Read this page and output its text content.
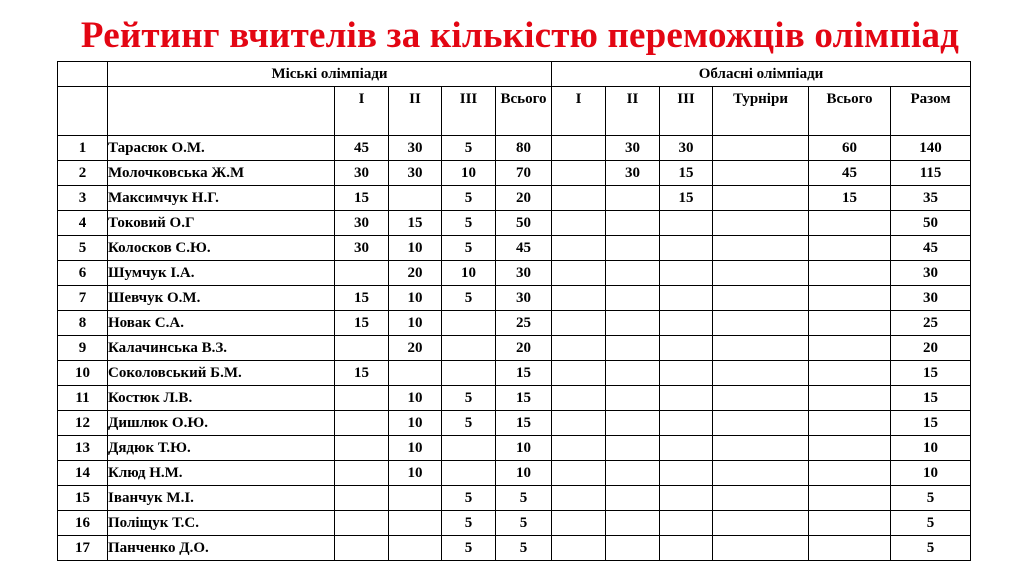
Рейтинг вчителів за кількістю переможців олімпіад
	Міські олімпіади					Обласні олімпіади					
		I	II	III	Всього	I	II	III	Турніри	Всього	Разом
1	Тарасюк О.М.	45	30	5	80		30	30		60	140
2	Молочковська Ж.М	30	30	10	70		30	15		45	115
3	Максимчук Н.Г.	15		5	20			15		15	35
4	Токовий О.Г	30	15	5	50						50
5	Колосков С.Ю.	30	10	5	45						45
6	Шумчук І.А.		20	10	30						30
7	Шевчук О.М.	15	10	5	30						30
8	Новак С.А.	15	10		25						25
9	Калачинська В.З.		20		20						20
10	Соколовський Б.М.	15			15						15
11	Костюк Л.В.		10	5	15						15
12	Дишлюк О.Ю.		10	5	15						15
13	Дядюк Т.Ю.		10		10						10
14	Клюд Н.М.		10		10						10
15	Іванчук М.І.			5	5						5
16	Поліщук Т.С.			5	5						5
17	Панченко Д.О.			5	5						5
